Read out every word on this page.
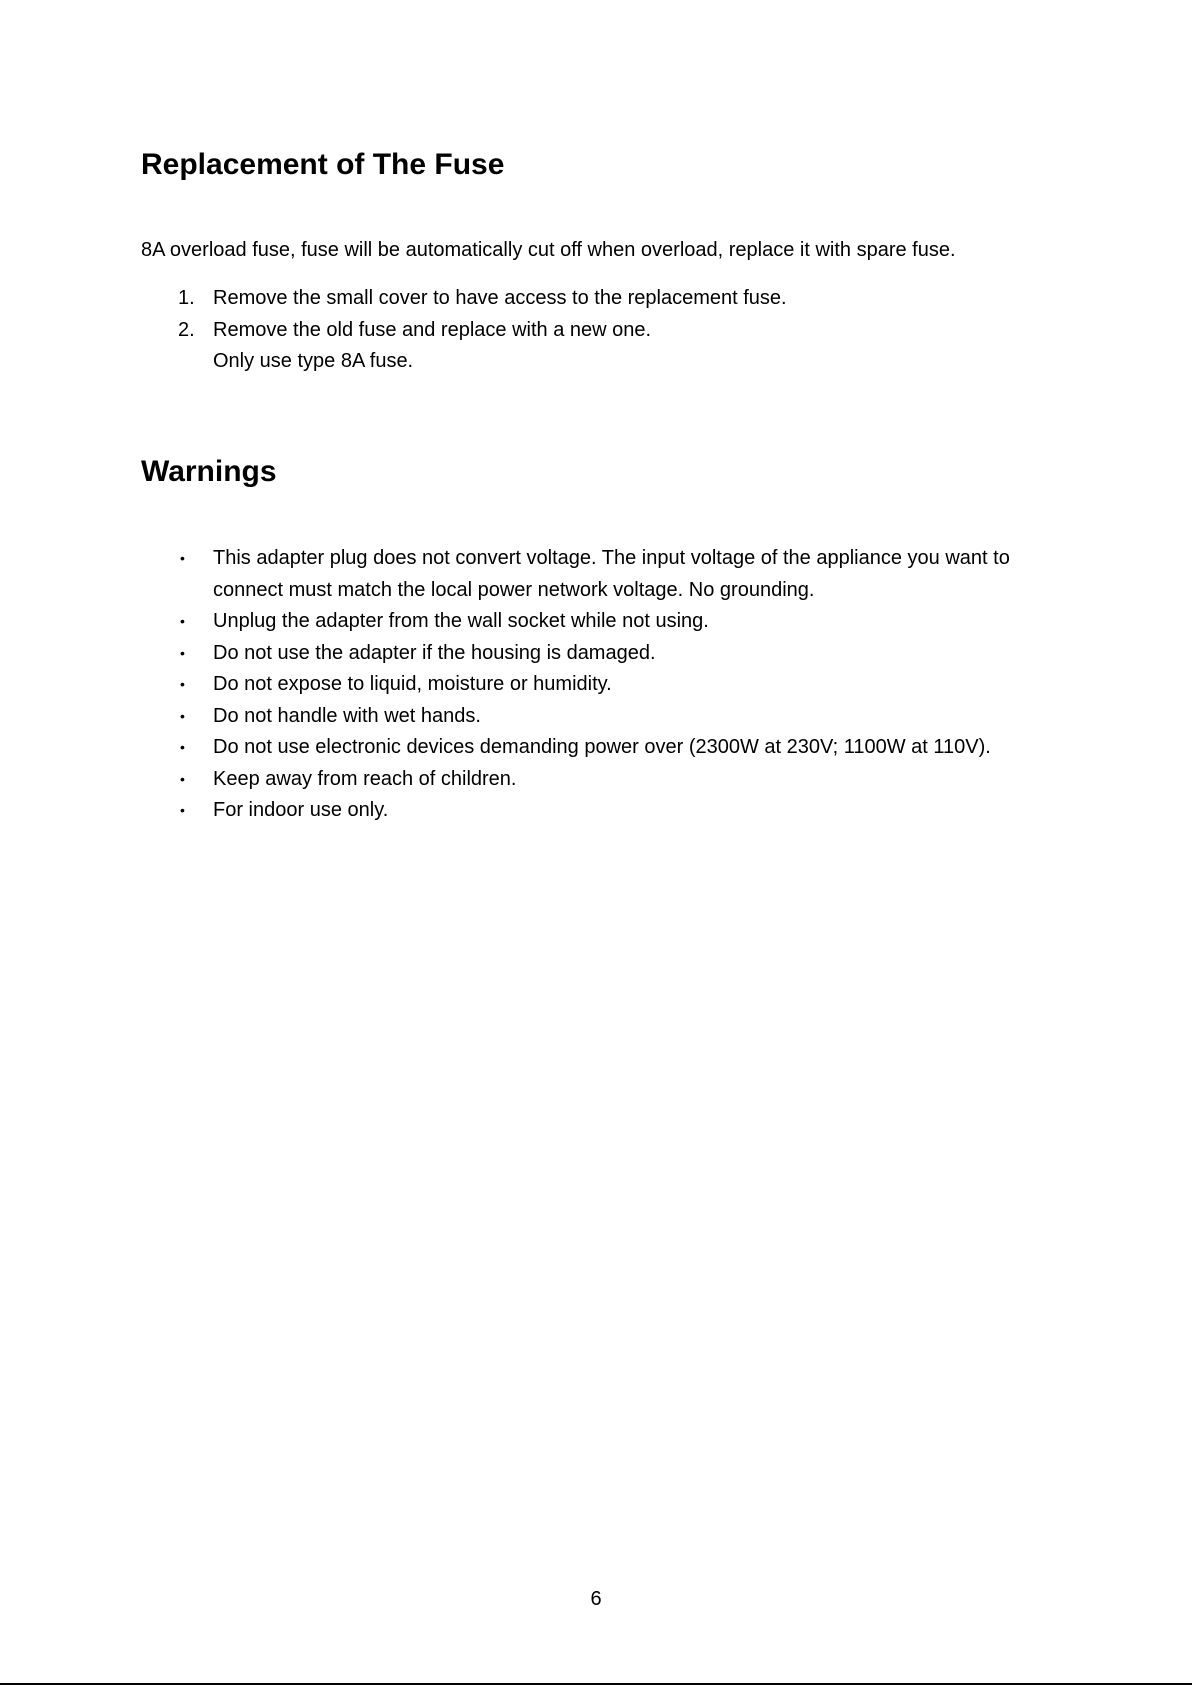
Replacement of The Fuse

8A overload fuse, fuse will be automatically cut off when overload, replace it with spare fuse.

1. Remove the small cover to have access to the replacement fuse.
2. Remove the old fuse and replace with a new one.
Only use type 8A fuse.
Warnings
• This adapter plug does not convert voltage. The input voltage of the appliance you want to connect must match the local power network voltage. No grounding.
• Unplug the adapter from the wall socket while not using.
• Do not use the adapter if the housing is damaged.
• Do not expose to liquid, moisture or humidity.
• Do not handle with wet hands.
• Do not use electronic devices demanding power over (2300W at 230V; 1100W at 110V).
• Keep away from reach of children.
• For indoor use only.
6
